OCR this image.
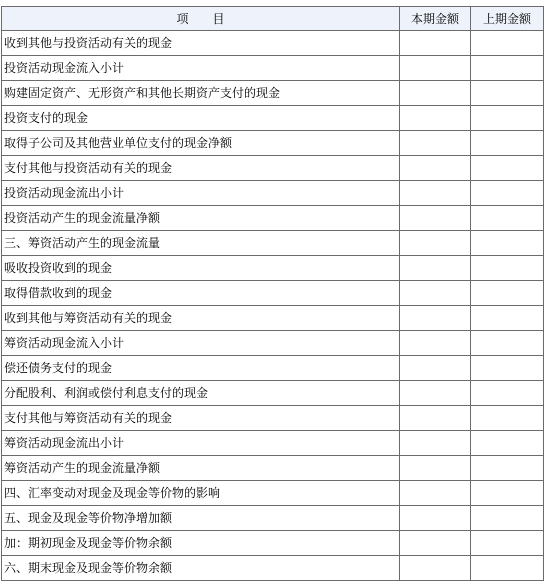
项　　目	本期金额	上期金额
收到其他与投资活动有关的现金		
投资活动现金流入小计		
购建固定资产、无形资产和其他长期资产支付的现金		
投资支付的现金		
取得子公司及其他营业单位支付的现金净额		
支付其他与投资活动有关的现金		
投资活动现金流出小计		
投资活动产生的现金流量净额		
三、筹资活动产生的现金流量		
吸收投资收到的现金		
取得借款收到的现金		
收到其他与筹资活动有关的现金		
筹资活动现金流入小计		
偿还债务支付的现金		
分配股利、利润或偿付利息支付的现金		
支付其他与筹资活动有关的现金		
筹资活动现金流出小计		
筹资活动产生的现金流量净额		
四、汇率变动对现金及现金等价物的影响		
五、现金及现金等价物净增加额		
加：期初现金及现金等价物余额		
六、期末现金及现金等价物余额		
